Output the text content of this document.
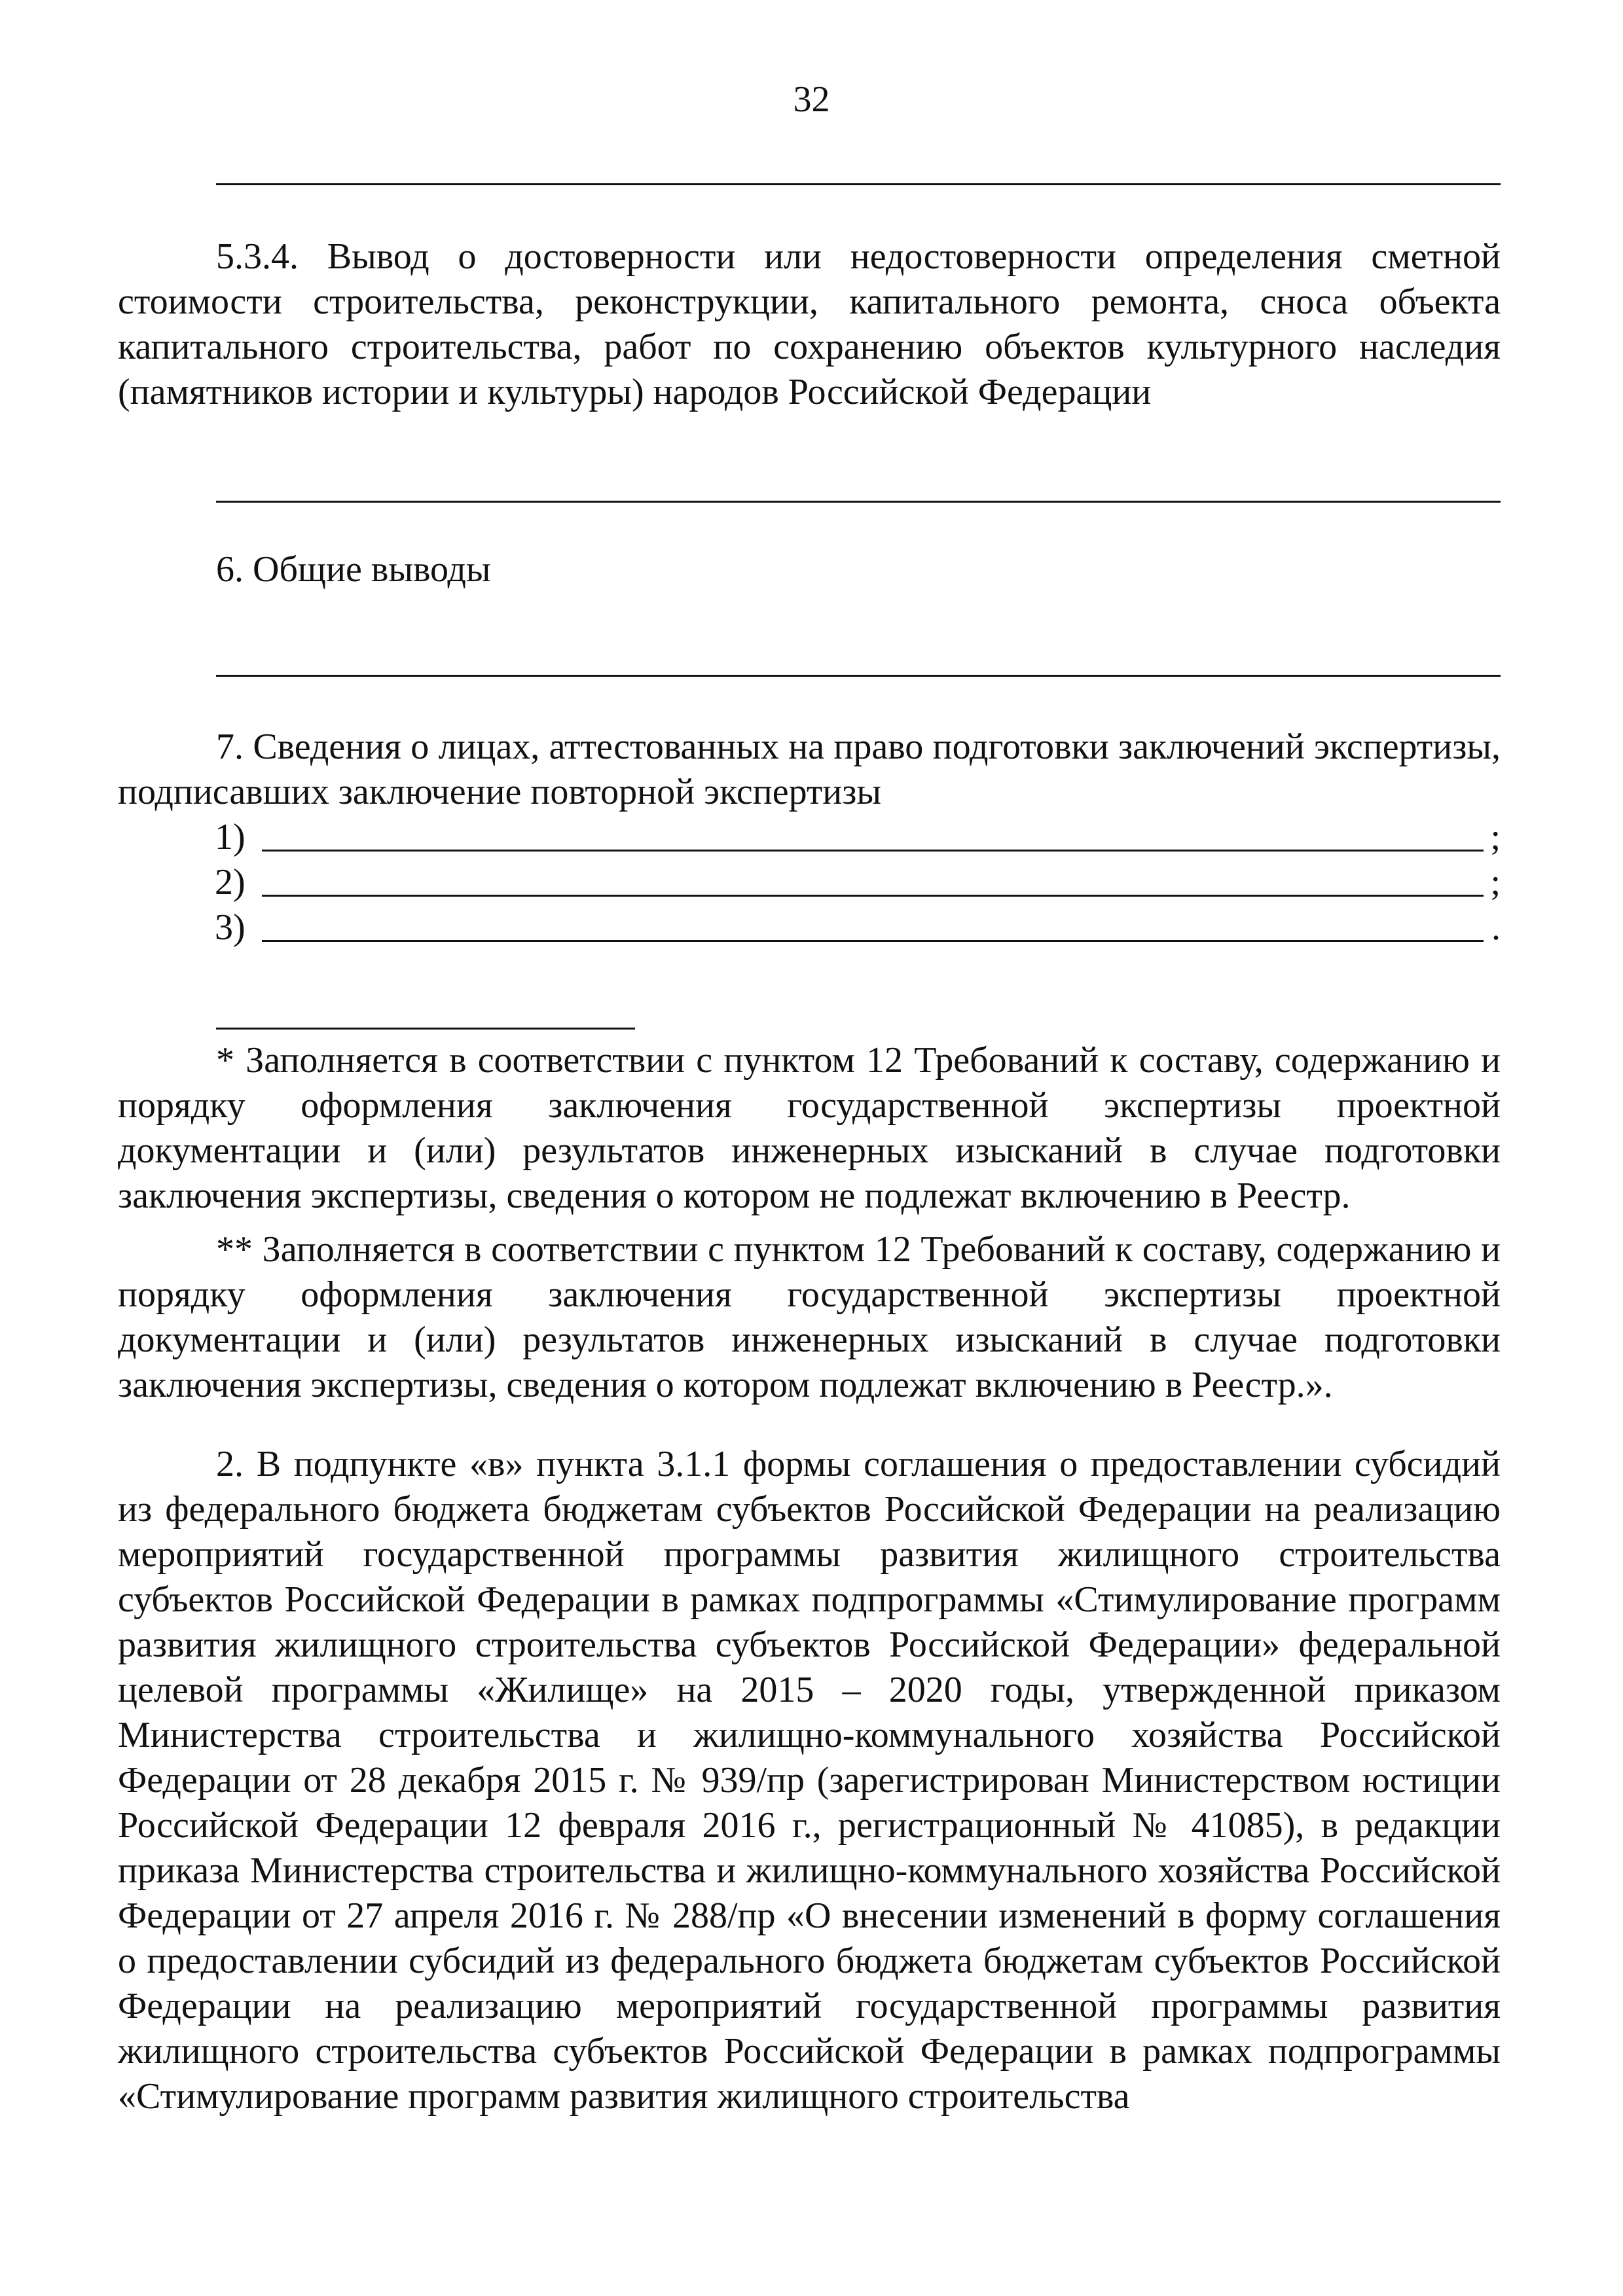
32

5.3.4. Вывод о достоверности или недостоверности определения сметной стоимости строительства, реконструкции, капитального ремонта, сноса объекта капитального строительства, работ по сохранению объектов культурного наследия (памятников истории и культуры) народов Российской Федерации

6. Общие выводы

7. Сведения о лицах, аттестованных на право подготовки заключений экспертизы, подписавших заключение повторной экспертизы

1)	;
2)	;
3)	.

* Заполняется в соответствии с пунктом 12 Требований к составу, содержанию и порядку оформления заключения государственной экспертизы проектной документации и (или) результатов инженерных изысканий в случае подготовки заключения экспертизы, сведения о котором не подлежат включению в Реестр.

** Заполняется в соответствии с пунктом 12 Требований к составу, содержанию и порядку оформления заключения государственной экспертизы проектной документации и (или) результатов инженерных изысканий в случае подготовки заключения экспертизы, сведения о котором подлежат включению в Реестр.».

2. В подпункте «в» пункта 3.1.1 формы соглашения о предоставлении субсидий из федерального бюджета бюджетам субъектов Российской Федерации на реализацию мероприятий государственной программы развития жилищного строительства субъектов Российской Федерации в рамках подпрограммы «Стимулирование программ развития жилищного строительства субъектов Российской Федерации» федеральной целевой программы «Жилище» на 2015 – 2020 годы, утвержденной приказом Министерства строительства и жилищно-коммунального хозяйства Российской Федерации от 28 декабря 2015 г. № 939/пр (зарегистрирован Министерством юстиции Российской Федерации 12 февраля 2016 г., регистрационный № 41085), в редакции приказа Министерства строительства и жилищно-коммунального хозяйства Российской Федерации от 27 апреля 2016 г. № 288/пр «О внесении изменений в форму соглашения о предоставлении субсидий из федерального бюджета бюджетам субъектов Российской Федерации на реализацию мероприятий государственной программы развития жилищного строительства субъектов Российской Федерации в рамках подпрограммы «Стимулирование программ развития жилищного строительства
